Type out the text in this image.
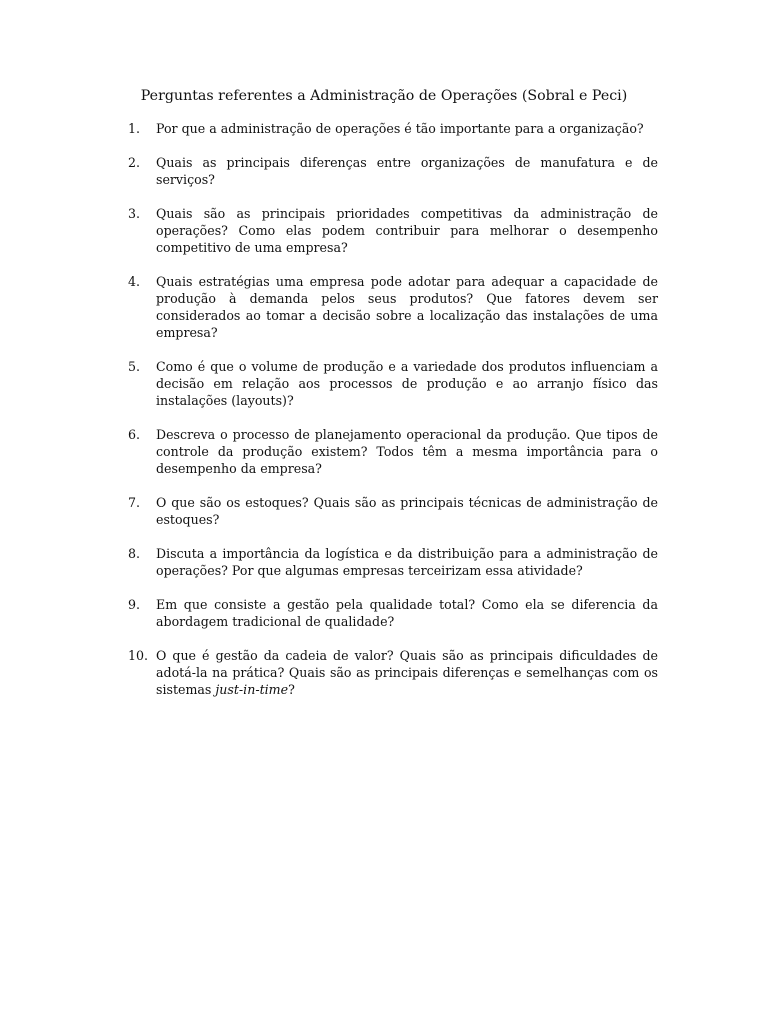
Perguntas referentes a Administração de Operações (Sobral e Peci)
1.	Por que a administração de operações é tão importante para a organização?
2.	Quais as principais diferenças entre organizações de manufatura e de serviços?
3.	Quais são as principais prioridades competitivas da administração de operações? Como elas podem contribuir para melhorar o desempenho competitivo de uma empresa?
4.	Quais estratégias uma empresa pode adotar para adequar a capacidade de produção à demanda pelos seus produtos? Que fatores devem ser considerados ao tomar a decisão sobre a localização das instalações de uma empresa?
5.	Como é que o volume de produção e a variedade dos produtos influenciam a decisão em relação aos processos de produção e ao arranjo físico das instalações (layouts)?
6.	Descreva o processo de planejamento operacional da produção. Que tipos de controle da produção existem? Todos têm a mesma importância para o desempenho da empresa?
7.	O que são os estoques? Quais são as principais técnicas de administração de estoques?
8.	Discuta a importância da logística e da distribuição para a administração de operações? Por que algumas empresas terceirizam essa atividade?
9.	Em que consiste a gestão pela qualidade total? Como ela se diferencia da abordagem tradicional de qualidade?
10. O que é gestão da cadeia de valor? Quais são as principais dificuldades de adotá-la na prática? Quais são as principais diferenças e semelhanças com os sistemas just-in-time?
